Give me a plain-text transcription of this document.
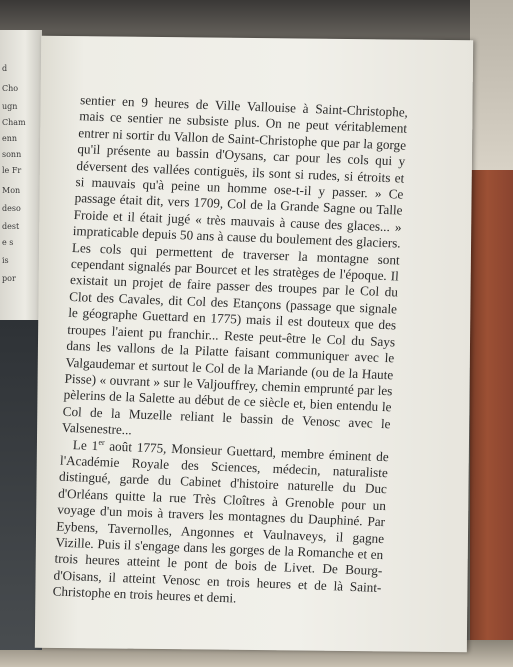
d
Cho
ugn
Cham
enn
sonn
le Fr
Mon
deso
dest
e s
is
por

sentier en 9 heures de Ville Vallouise à Saint-Christophe, mais ce sentier ne subsiste plus. On ne peut véritablement entrer ni sortir du Vallon de Saint-Christophe que par la gorge qu'il présente au bassin d'Oysans, car pour les cols qui y déversent des vallées contiguës, ils sont si rudes, si étroits et si mauvais qu'à peine un homme ose-t-il y passer. » Ce passage était dit, vers 1709, Col de la Grande Sagne ou Talle Froide et il était jugé « très mauvais à cause des glaces... » impraticable depuis 50 ans à cause du boulement des glaciers. Les cols qui permettent de traverser la montagne sont cependant signalés par Bourcet et les stratèges de l'époque. Il existait un projet de faire passer des troupes par le Col du Clot des Cavales, dit Col des Etançons (passage que signale le géographe Guettard en 1775) mais il est douteux que des troupes l'aient pu franchir... Reste peut-être le Col du Says dans les vallons de la Pilatte faisant communiquer avec le Valgaudemar et surtout le Col de la Mariande (ou de la Haute Pisse) « ouvrant » sur le Valjouffrey, chemin emprunté par les pèlerins de la Salette au début de ce siècle et, bien entendu le Col de la Muzelle reliant le bassin de Venosc avec le Valsenestre...

Le 1er août 1775, Monsieur Guettard, membre éminent de l'Académie Royale des Sciences, médecin, naturaliste distingué, garde du Cabinet d'histoire naturelle du Duc d'Orléans quitte la rue Très Cloîtres à Grenoble pour un voyage d'un mois à travers les montagnes du Dauphiné. Par Eybens, Tavernolles, Angonnes et Vaulnaveys, il gagne Vizille. Puis il s'engage dans les gorges de la Romanche et en trois heures atteint le pont de bois de Livet. De Bourg-d'Oisans, il atteint Venosc en trois heures et de là Saint-Christophe en trois heures et demi.
